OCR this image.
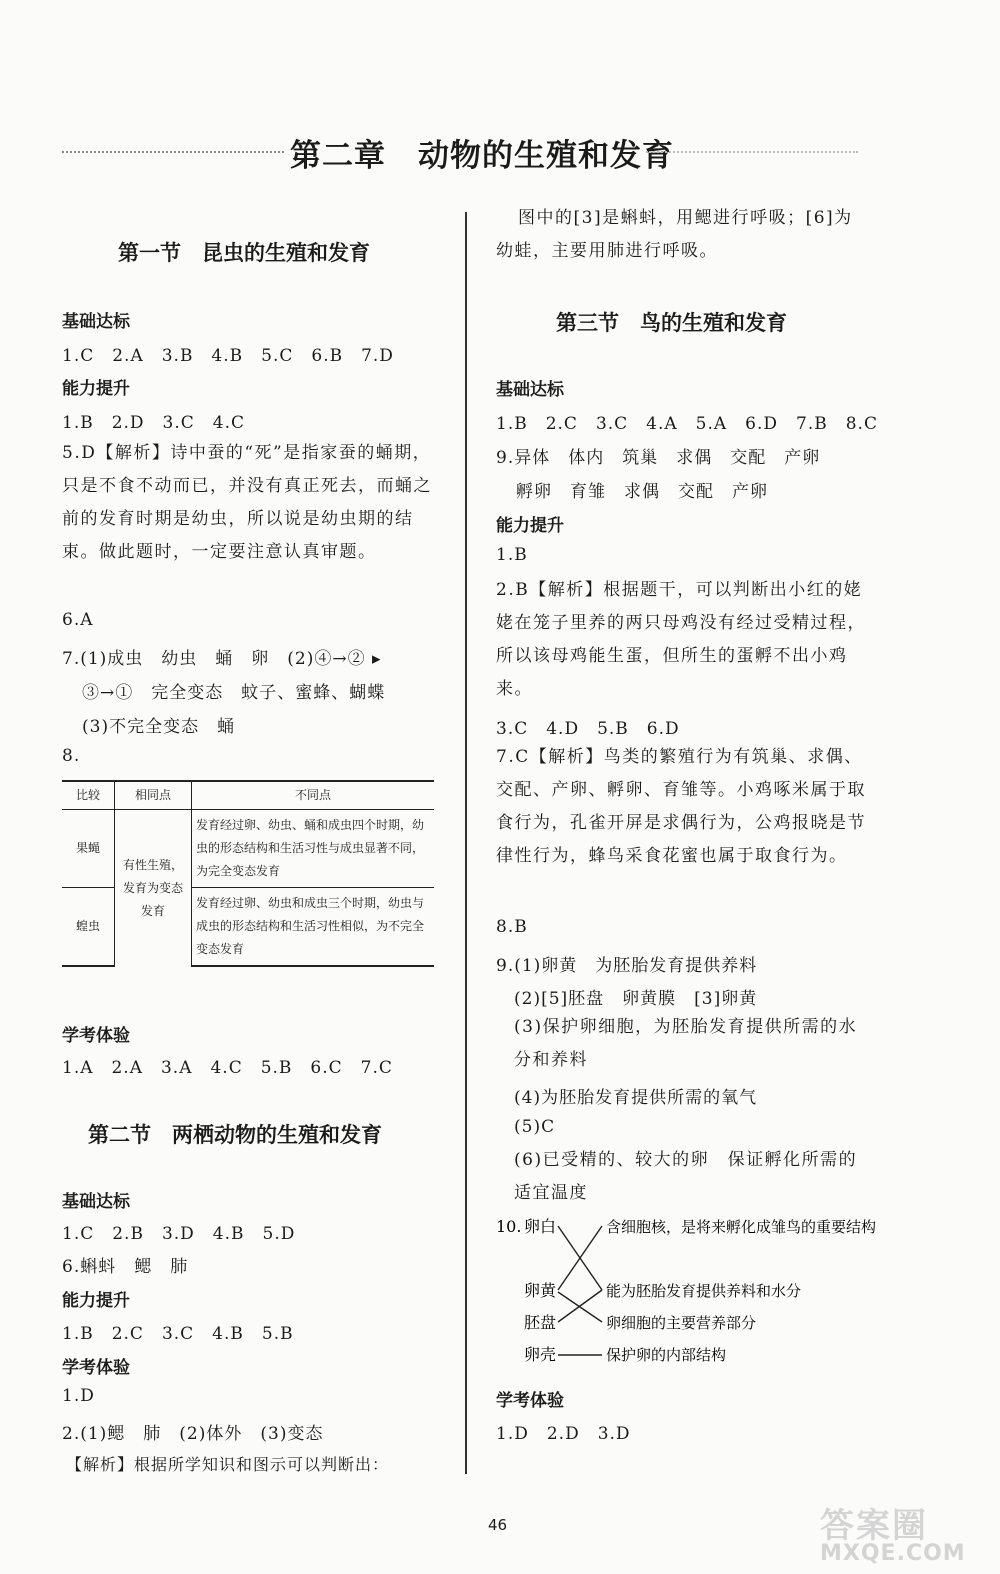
第二章　动物的生殖和发育
第一节　昆虫的生殖和发育
基础达标
1.C　2.A　3.B　4.B　5.C　6.B　7.D
能力提升
1.B　2.D　3.C　4.C
5.D【解析】诗中蚕的“死”是指家蚕的蛹期，只是不食不动而已，并没有真正死去，而蛹之前的发育时期是幼虫，所以说是幼虫期的结束。做此题时，一定要注意认真审题。
6.A
7.(1)成虫　幼虫　蛹　卵　(2)④→② ▸
③→①　完全变态　蚊子、蜜蜂、蝴蝶
(3)不完全变态　蛹
8.
比较	相同点	不同点
果蝇	有性生殖，发育为变态发育	发育经过卵、幼虫、蛹和成虫四个时期，幼虫的形态结构和生活习性与成虫显著不同，为完全变态发育
蝗虫		发育经过卵、幼虫和成虫三个时期，幼虫与成虫的形态结构和生活习性相似，为不完全变态发育
学考体验
1.A　2.A　3.A　4.C　5.B　6.C　7.C
第二节　两栖动物的生殖和发育
基础达标
1.C　2.B　3.D　4.B　5.D
6.蝌蚪　鳃　肺
能力提升
1.B　2.C　3.C　4.B　5.B
学考体验
1.D
2.(1)鳃　肺　(2)体外　(3)变态
【解析】根据所学知识和图示可以判断出：
图中的[3]是蝌蚪，用鳃进行呼吸；[6]为幼蛙，主要用肺进行呼吸。
第三节　鸟的生殖和发育
基础达标
1.B　2.C　3.C　4.A　5.A　6.D　7.B　8.C
9.异体　体内　筑巢　求偶　交配　产卵
孵卵　育雏　求偶　交配　产卵
能力提升
1.B
2.B【解析】根据题干，可以判断出小红的姥姥在笼子里养的两只母鸡没有经过受精过程，所以该母鸡能生蛋，但所生的蛋孵不出小鸡来。
3.C　4.D　5.B　6.D
7.C【解析】鸟类的繁殖行为有筑巢、求偶、交配、产卵、孵卵、育雏等。小鸡啄米属于取食行为，孔雀开屏是求偶行为，公鸡报晓是节律性行为，蜂鸟采食花蜜也属于取食行为。
8.B
9.(1)卵黄　为胚胎发育提供养料
(2)[5]胚盘　卵黄膜　[3]卵黄
(3)保护卵细胞，为胚胎发育提供所需的水分和养料
(4)为胚胎发育提供所需的氧气
(5)C
(6)已受精的、较大的卵　保证孵化所需的适宜温度
10. 卵白
卵黄
胚盘
卵壳
含细胞核，是将来孵化成雏鸟的重要结构
能为胚胎发育提供养料和水分
卵细胞的主要营养部分
保护卵的内部结构
学考体验
1.D　2.D　3.D
46	答案圈
MXQE.COM
